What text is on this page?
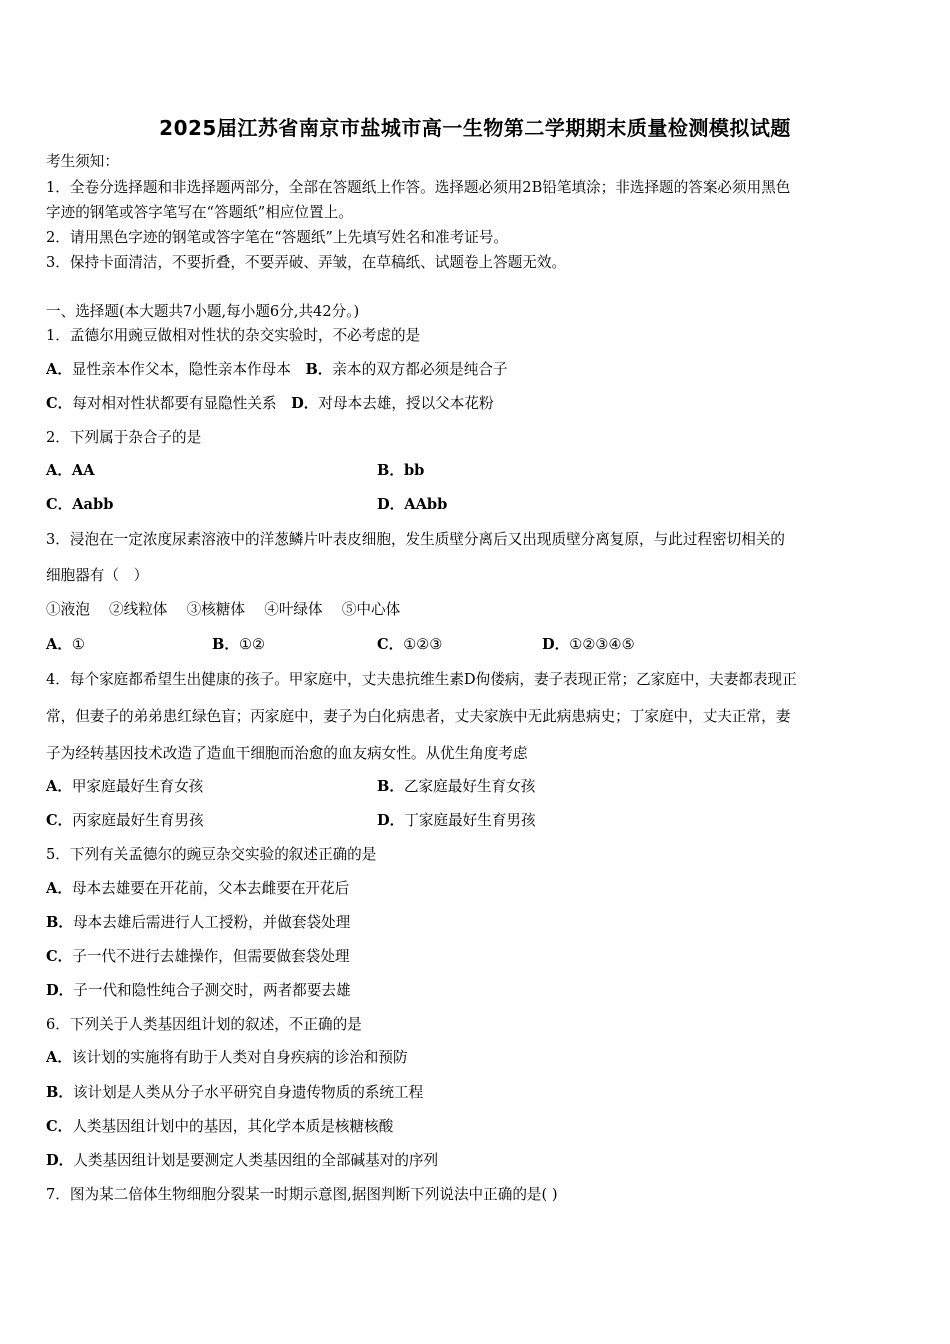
2025届江苏省南京市盐城市高一生物第二学期期末质量检测模拟试题
考生须知：
1．全卷分选择题和非选择题两部分，全部在答题纸上作答。选择题必须用2B铅笔填涂；非选择题的答案必须用黑色
字迹的钢笔或答字笔写在“答题纸”相应位置上。
2．请用黑色字迹的钢笔或答字笔在“答题纸”上先填写姓名和准考证号。
3．保持卡面清洁，不要折叠，不要弄破、弄皱，在草稿纸、试题卷上答题无效。
一、选择题(本大题共7小题,每小题6分,共42分。)
1．孟德尔用豌豆做相对性状的杂交实验时，不必考虑的是
A．显性亲本作父本，隐性亲本作母本　 B．亲本的双方都必须是纯合子
C．每对相对性状都要有显隐性关系　 D．对母本去雄，授以父本花粉
2．下列属于杂合子的是
A．AA	B．bb
C．Aabb	D．AAbb
3．浸泡在一定浓度尿素溶液中的洋葱鳞片叶表皮细胞，发生质壁分离后又出现质壁分离复原，与此过程密切相关的
细胞器有（　）
①液泡　 ②线粒体　 ③核糖体　 ④叶绿体　 ⑤中心体
A．①	B．①②	C．①②③	D．①②③④⑤
4．每个家庭都希望生出健康的孩子。甲家庭中，丈夫患抗维生素D佝偻病，妻子表现正常；乙家庭中，夫妻都表现正
常，但妻子的弟弟患红绿色盲；丙家庭中，妻子为白化病患者，丈夫家族中无此病患病史；丁家庭中，丈夫正常，妻
子为经转基因技术改造了造血干细胞而治愈的血友病女性。从优生角度考虑
A．甲家庭最好生育女孩	B．乙家庭最好生育女孩
C．丙家庭最好生育男孩	D．丁家庭最好生育男孩
5．下列有关孟德尔的豌豆杂交实验的叙述正确的是
A．母本去雄要在开花前，父本去雌要在开花后
B．母本去雄后需进行人工授粉，并做套袋处理
C．子一代不进行去雄操作，但需要做套袋处理
D．子一代和隐性纯合子测交时，两者都要去雄
6．下列关于人类基因组计划的叙述，不正确的是
A．该计划的实施将有助于人类对自身疾病的诊治和预防
B．该计划是人类从分子水平研究自身遗传物质的系统工程
C．人类基因组计划中的基因，其化学本质是核糖核酸
D．人类基因组计划是要测定人类基因组的全部碱基对的序列
7．图为某二倍体生物细胞分裂某一时期示意图,据图判断下列说法中正确的是( )
